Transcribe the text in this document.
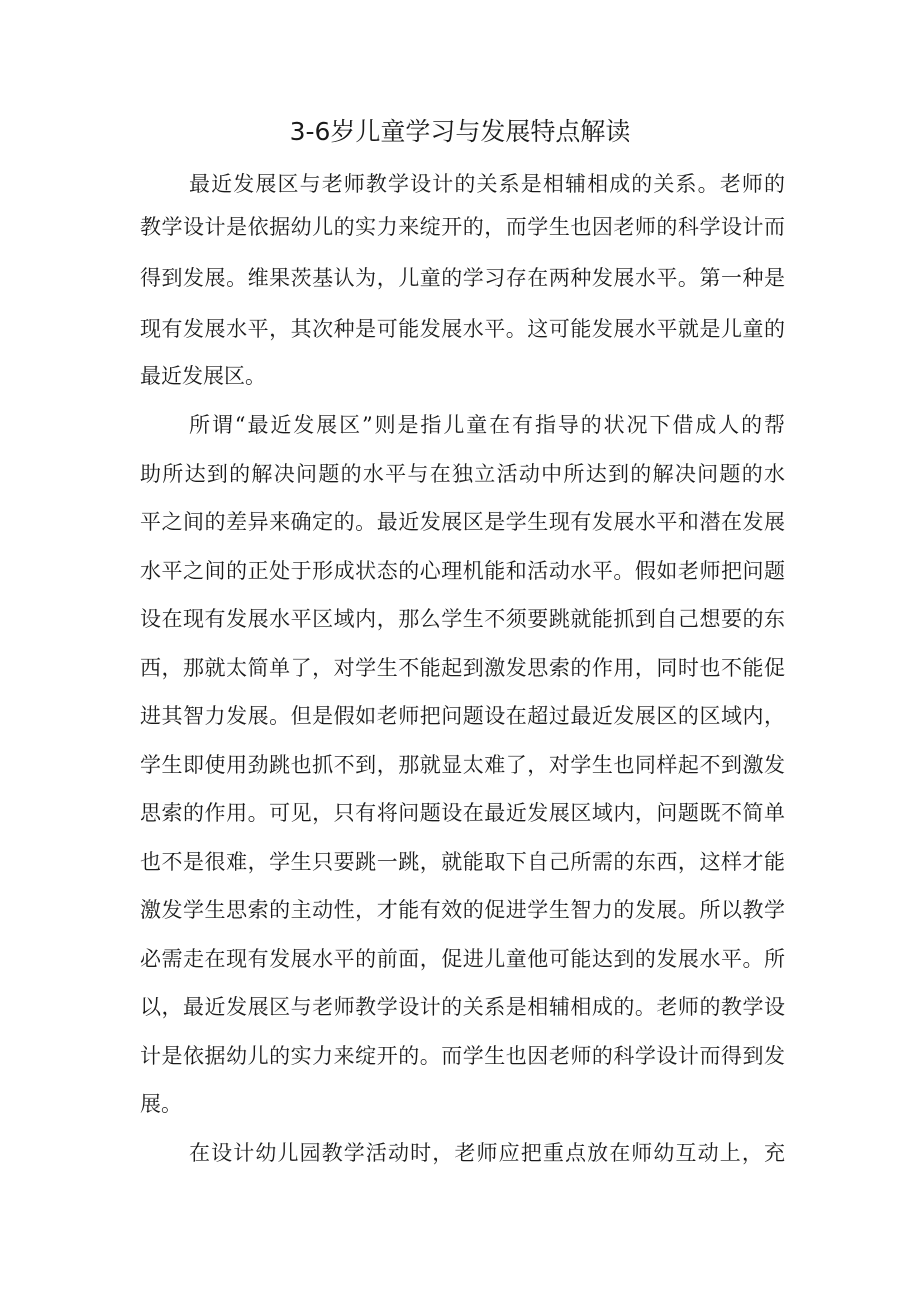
3-6岁儿童学习与发展特点解读
最近发展区与老师教学设计的关系是相辅相成的关系。老师的
教学设计是依据幼儿的实力来绽开的，而学生也因老师的科学设计而
得到发展。维果茨基认为，儿童的学习存在两种发展水平。第一种是
现有发展水平，其次种是可能发展水平。这可能发展水平就是儿童的
最近发展区。
所谓“最近发展区”则是指儿童在有指导的状况下借成人的帮
助所达到的解决问题的水平与在独立活动中所达到的解决问题的水
平之间的差异来确定的。最近发展区是学生现有发展水平和潜在发展
水平之间的正处于形成状态的心理机能和活动水平。假如老师把问题
设在现有发展水平区域内，那么学生不须要跳就能抓到自己想要的东
西，那就太简单了，对学生不能起到激发思索的作用，同时也不能促
进其智力发展。但是假如老师把问题设在超过最近发展区的区域内，
学生即使用劲跳也抓不到，那就显太难了，对学生也同样起不到激发
思索的作用。可见，只有将问题设在最近发展区域内，问题既不简单
也不是很难，学生只要跳一跳，就能取下自己所需的东西，这样才能
激发学生思索的主动性，才能有效的促进学生智力的发展。所以教学
必需走在现有发展水平的前面，促进儿童他可能达到的发展水平。所
以，最近发展区与老师教学设计的关系是相辅相成的。老师的教学设
计是依据幼儿的实力来绽开的。而学生也因老师的科学设计而得到发
展。
在设计幼儿园教学活动时，老师应把重点放在师幼互动上，充
